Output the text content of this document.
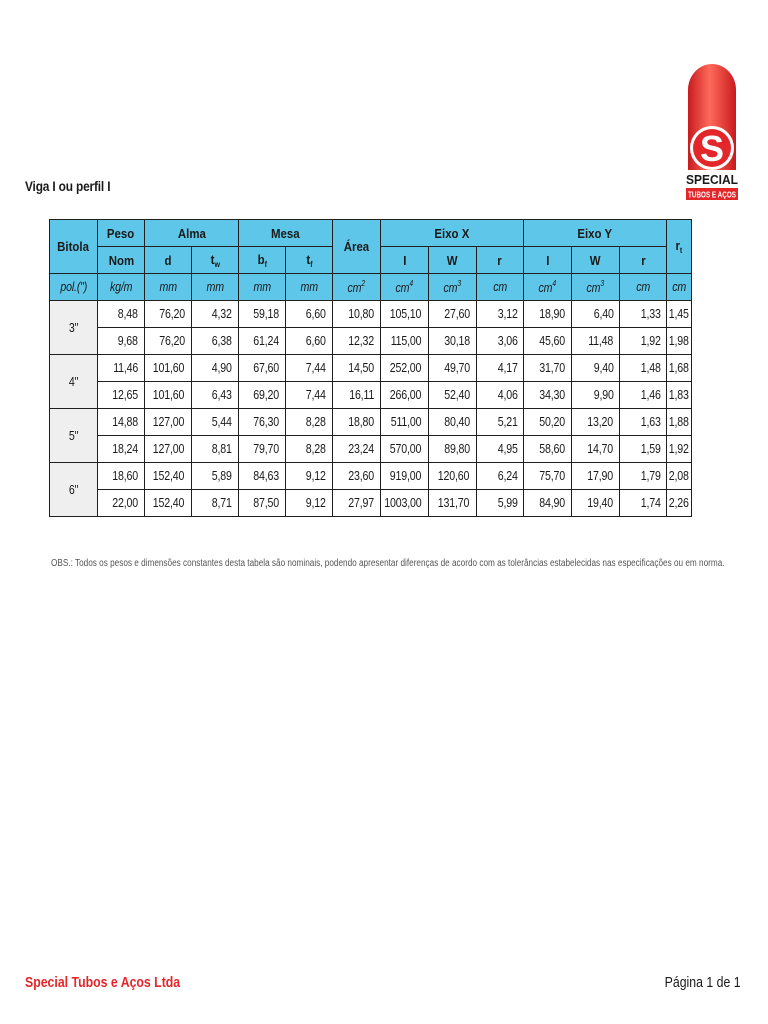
S
SPECIAL
TUBOS E AÇOS
Viga I ou perfil I
Bitola	Peso	Alma		Mesa		Área	Eixo X			Eixo Y			$r_t$
	Nom	d	$t_w$	$b_f$	$t_f$		I	W	r	I	W	r	
pol.(")	kg/m	mm	mm	mm	mm	$cm^2$	$cm^4$	$cm^3$	cm	$cm^4$	$cm^3$	cm	cm
3"	8,48	76,20	4,32	59,18	6,60	10,80	105,10	27,60	3,12	18,90	6,40	1,33	1,45
	9,68	76,20	6,38	61,24	6,60	12,32	115,00	30,18	3,06	45,60	11,48	1,92	1,98
4"	11,46	101,60	4,90	67,60	7,44	14,50	252,00	49,70	4,17	31,70	9,40	1,48	1,68
	12,65	101,60	6,43	69,20	7,44	16,11	266,00	52,40	4,06	34,30	9,90	1,46	1,83
5"	14,88	127,00	5,44	76,30	8,28	18,80	511,00	80,40	5,21	50,20	13,20	1,63	1,88
	18,24	127,00	8,81	79,70	8,28	23,24	570,00	89,80	4,95	58,60	14,70	1,59	1,92
6"	18,60	152,40	5,89	84,63	9,12	23,60	919,00	120,60	6,24	75,70	17,90	1,79	2,08
	22,00	152,40	8,71	87,50	9,12	27,97	1003,00	131,70	5,99	84,90	19,40	1,74	2,26
OBS.: Todos os pesos e dimensões constantes desta tabela são nominais, podendo apresentar diferenças de acordo com as tolerâncias estabelecidas nas especificações ou em norma.
Special Tubos e Aços Ltda	Página 1 de 1
